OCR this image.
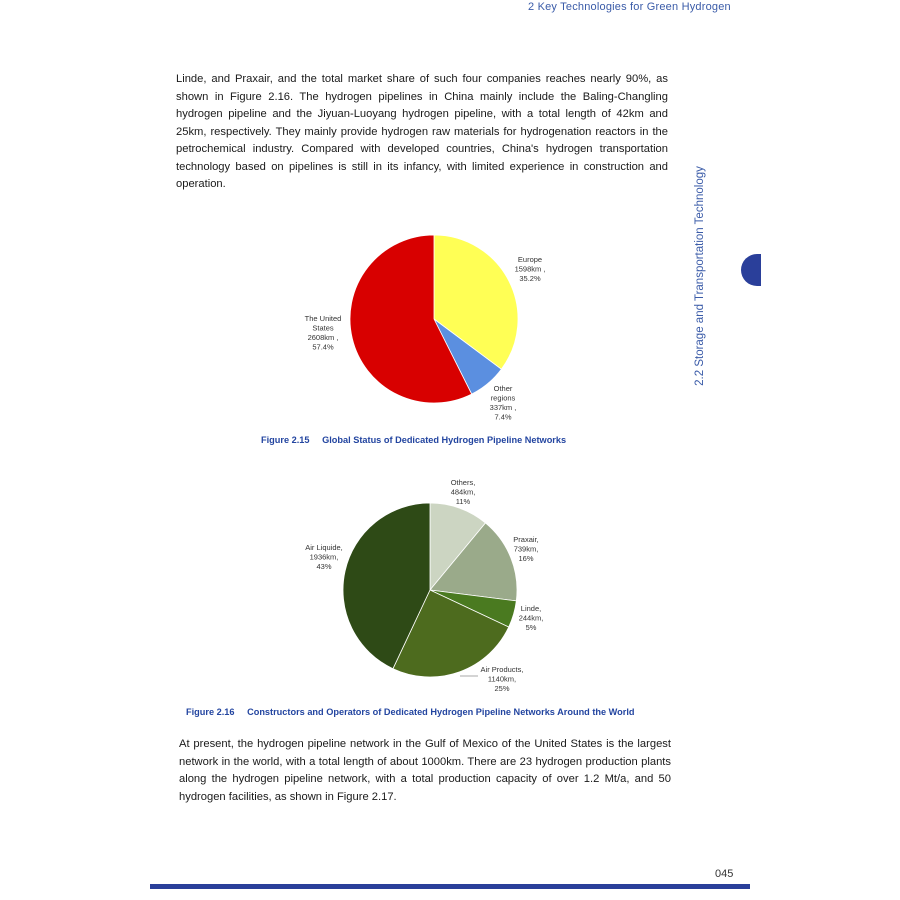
2 Key Technologies for Green Hydrogen
Linde, and Praxair, and the total market share of such four companies reaches nearly 90%, as shown in Figure 2.16. The hydrogen pipelines in China mainly include the Baling-Changling hydrogen pipeline and the Jiyuan-Luoyang hydrogen pipeline, with a total length of 42km and 25km, respectively. They mainly provide hydrogen raw materials for hydrogenation reactors in the petrochemical industry. Compared with developed countries, China's hydrogen transportation technology based on pipelines is still in its infancy, with limited experience in construction and operation.
Europe 1598km , 35.2%
Other regions 337km , 7.4%
The United States 2608km , 57.4%
Others, 484km, 11%
Praxair, 739km, 16%
Linde, 244km, 5%
Air Products, 1140km, 25%
Air Liquide, 1936km, 43%
Figure 2.15 Global Status of Dedicated Hydrogen Pipeline Networks
Figure 2.16 Constructors and Operators of Dedicated Hydrogen Pipeline Networks Around the World
At present, the hydrogen pipeline network in the Gulf of Mexico of the United States is the largest network in the world, with a total length of about 1000km. There are 23 hydrogen production plants along the hydrogen pipeline network, with a total production capacity of over 1.2 Mt/a, and 50 hydrogen facilities, as shown in Figure 2.17.
2.2 Storage and Transportation Technology
045
